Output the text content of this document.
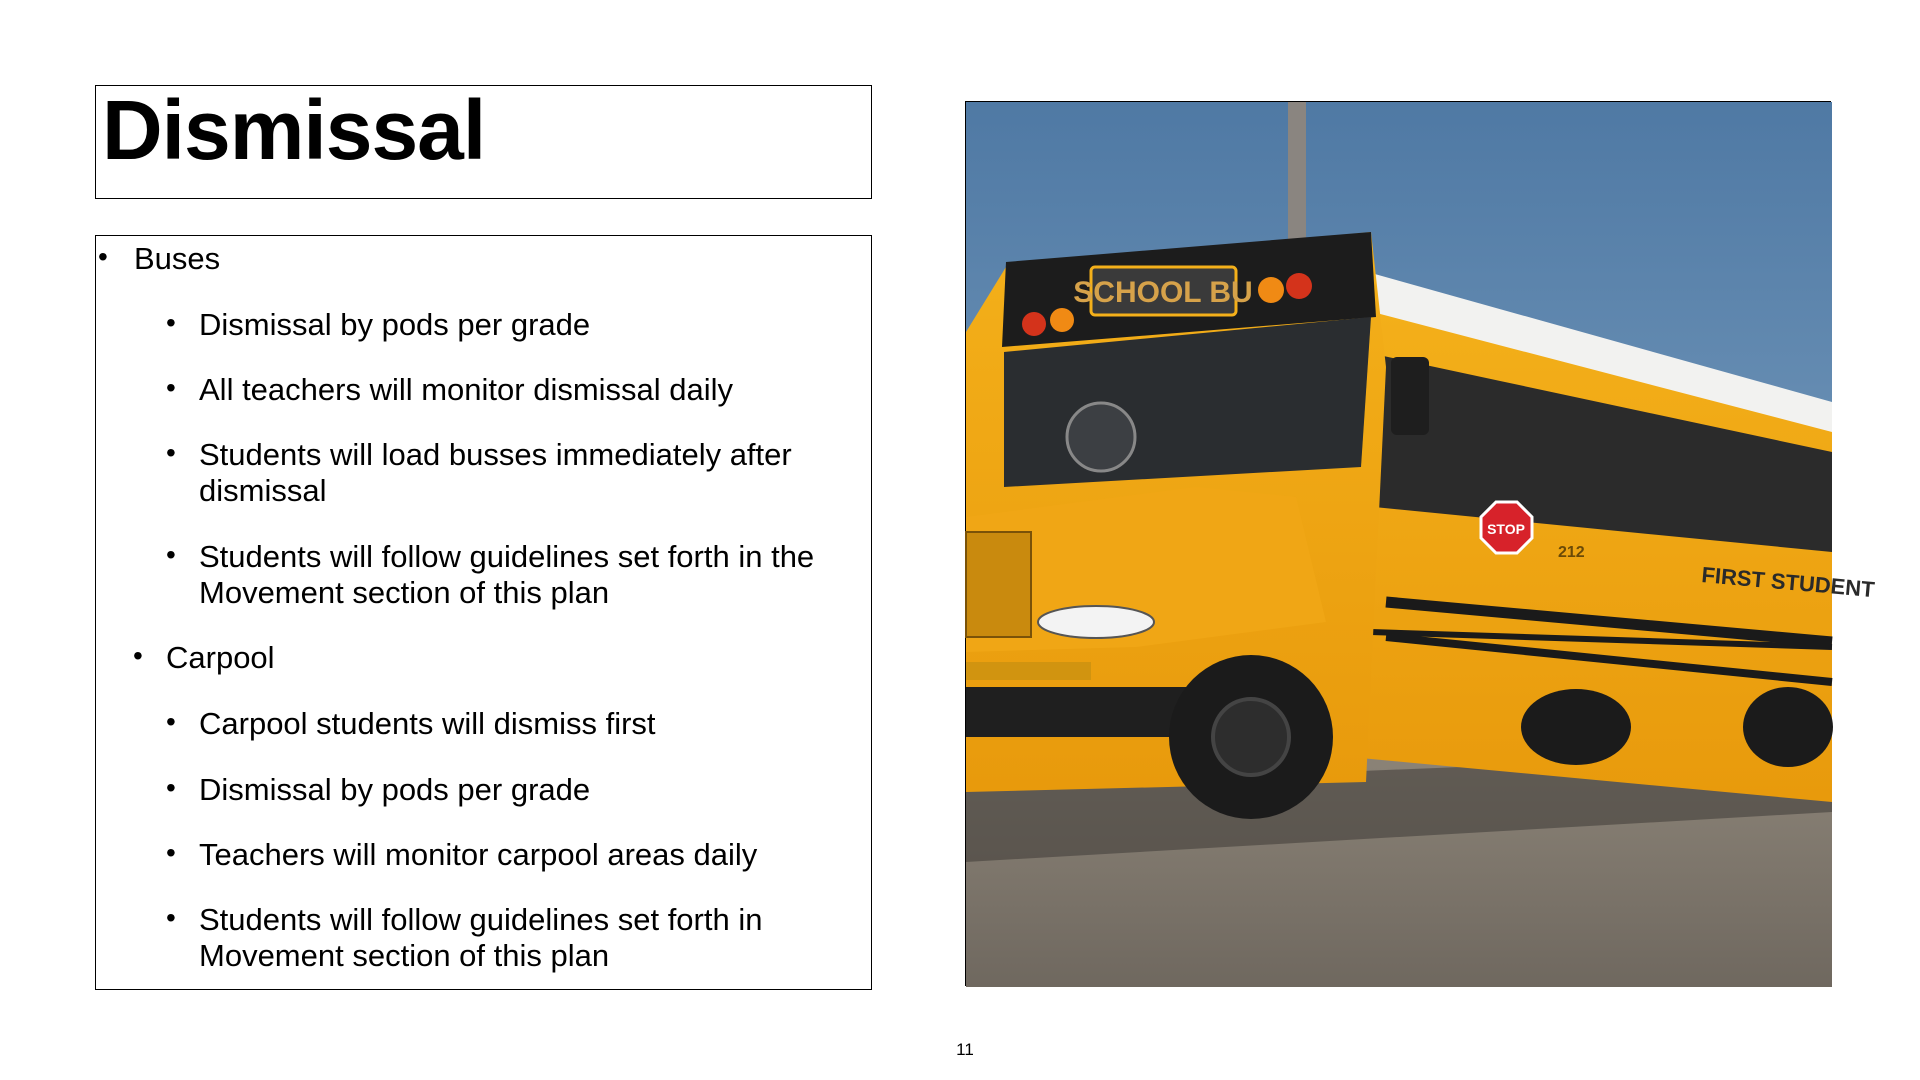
Dismissal
• Buses
• Dismissal by pods per grade
• All teachers will monitor dismissal daily
• Students will load busses immediately after dismissal
• Students will follow guidelines set forth in the Movement section of this plan
• Carpool
• Carpool students will dismiss first
• Dismissal by pods per grade
• Teachers will monitor carpool areas daily
• Students will follow guidelines set forth in Movement section of this plan
SCHOOL BU
STOP
212
FIRST STUDENT
11
